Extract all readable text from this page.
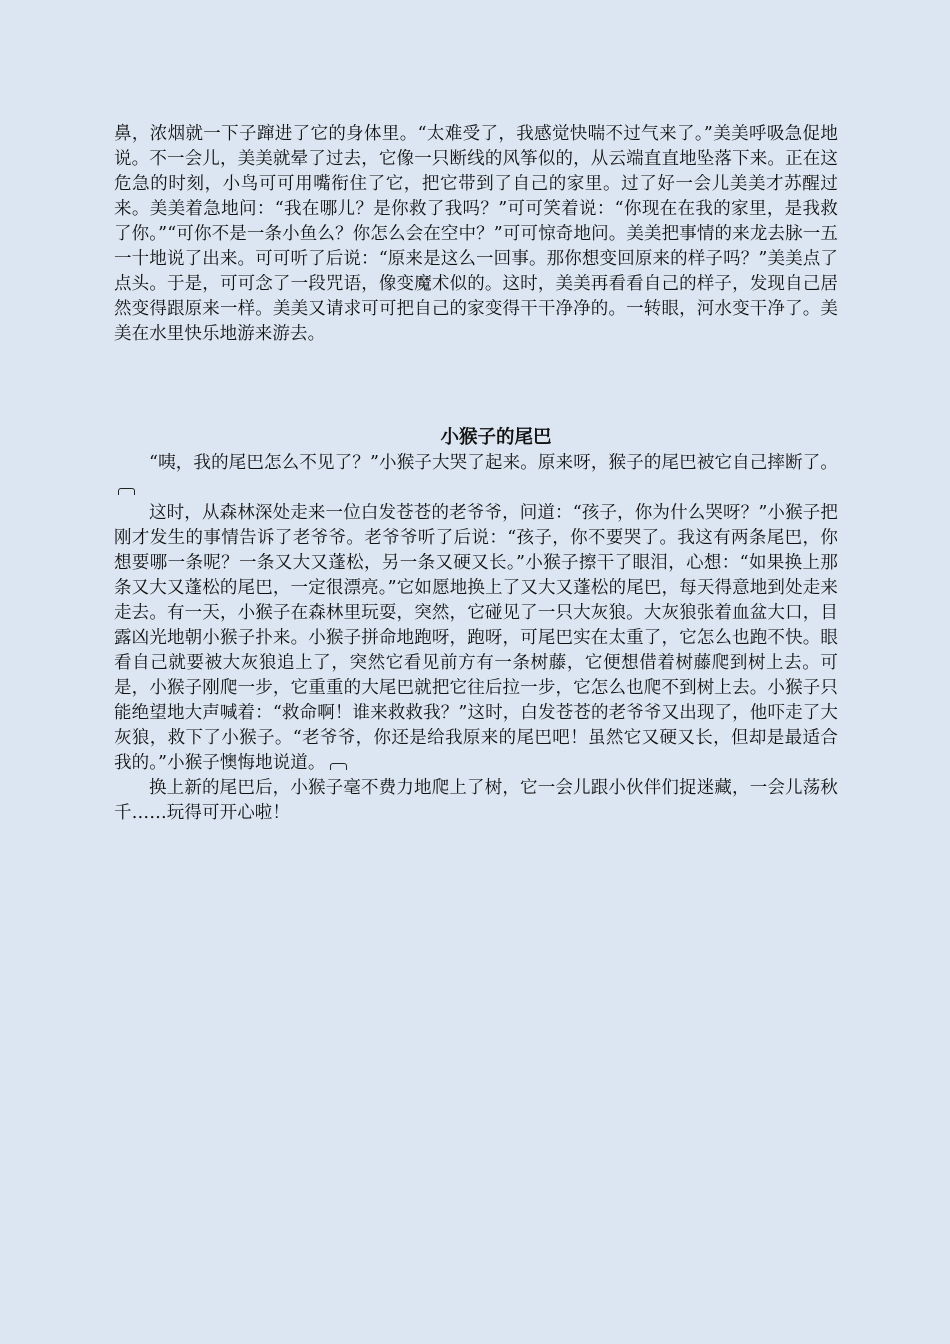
鼻，浓烟就一下子蹿进了它的身体里。“太难受了，我感觉快喘不过气来了。”美美呼吸急促地说。不一会儿，美美就晕了过去，它像一只断线的风筝似的，从云端直直地坠落下来。正在这危急的时刻，小鸟可可用嘴衔住了它，把它带到了自己的家里。过了好一会儿美美才苏醒过来。美美着急地问：“我在哪儿？是你救了我吗？”可可笑着说：“你现在在我的家里，是我救了你。”“可你不是一条小鱼么？你怎么会在空中？”可可惊奇地问。美美把事情的来龙去脉一五一十地说了出来。可可听了后说：“原来是这么一回事。那你想变回原来的样子吗？”美美点了点头。于是，可可念了一段咒语，像变魔术似的。这时，美美再看看自己的样子，发现自己居然变得跟原来一样。美美又请求可可把自己的家变得干干净净的。一转眼，河水变干净了。美美在水里快乐地游来游去。

小猴子的尾巴

“咦，我的尾巴怎么不见了？”小猴子大哭了起来。原来呀，猴子的尾巴被它自己摔断了。

这时，从森林深处走来一位白发苍苍的老爷爷，问道：“孩子，你为什么哭呀？”小猴子把刚才发生的事情告诉了老爷爷。老爷爷听了后说：“孩子，你不要哭了。我这有两条尾巴，你想要哪一条呢？一条又大又蓬松，另一条又硬又长。”小猴子擦干了眼泪，心想：“如果换上那条又大又蓬松的尾巴，一定很漂亮。”它如愿地换上了又大又蓬松的尾巴，每天得意地到处走来走去。有一天，小猴子在森林里玩耍，突然，它碰见了一只大灰狼。大灰狼张着血盆大口，目露凶光地朝小猴子扑来。小猴子拼命地跑呀，跑呀，可尾巴实在太重了，它怎么也跑不快。眼看自己就要被大灰狼追上了，突然它看见前方有一条树藤，它便想借着树藤爬到树上去。可是，小猴子刚爬一步，它重重的大尾巴就把它往后拉一步，它怎么也爬不到树上去。小猴子只能绝望地大声喊着：“救命啊！谁来救救我？”这时，白发苍苍的老爷爷又出现了，他吓走了大灰狼，救下了小猴子。“老爷爷，你还是给我原来的尾巴吧！虽然它又硬又长，但却是最适合我的。”小猴子懊悔地说道。

换上新的尾巴后，小猴子毫不费力地爬上了树，它一会儿跟小伙伴们捉迷藏，一会儿荡秋千……玩得可开心啦！
